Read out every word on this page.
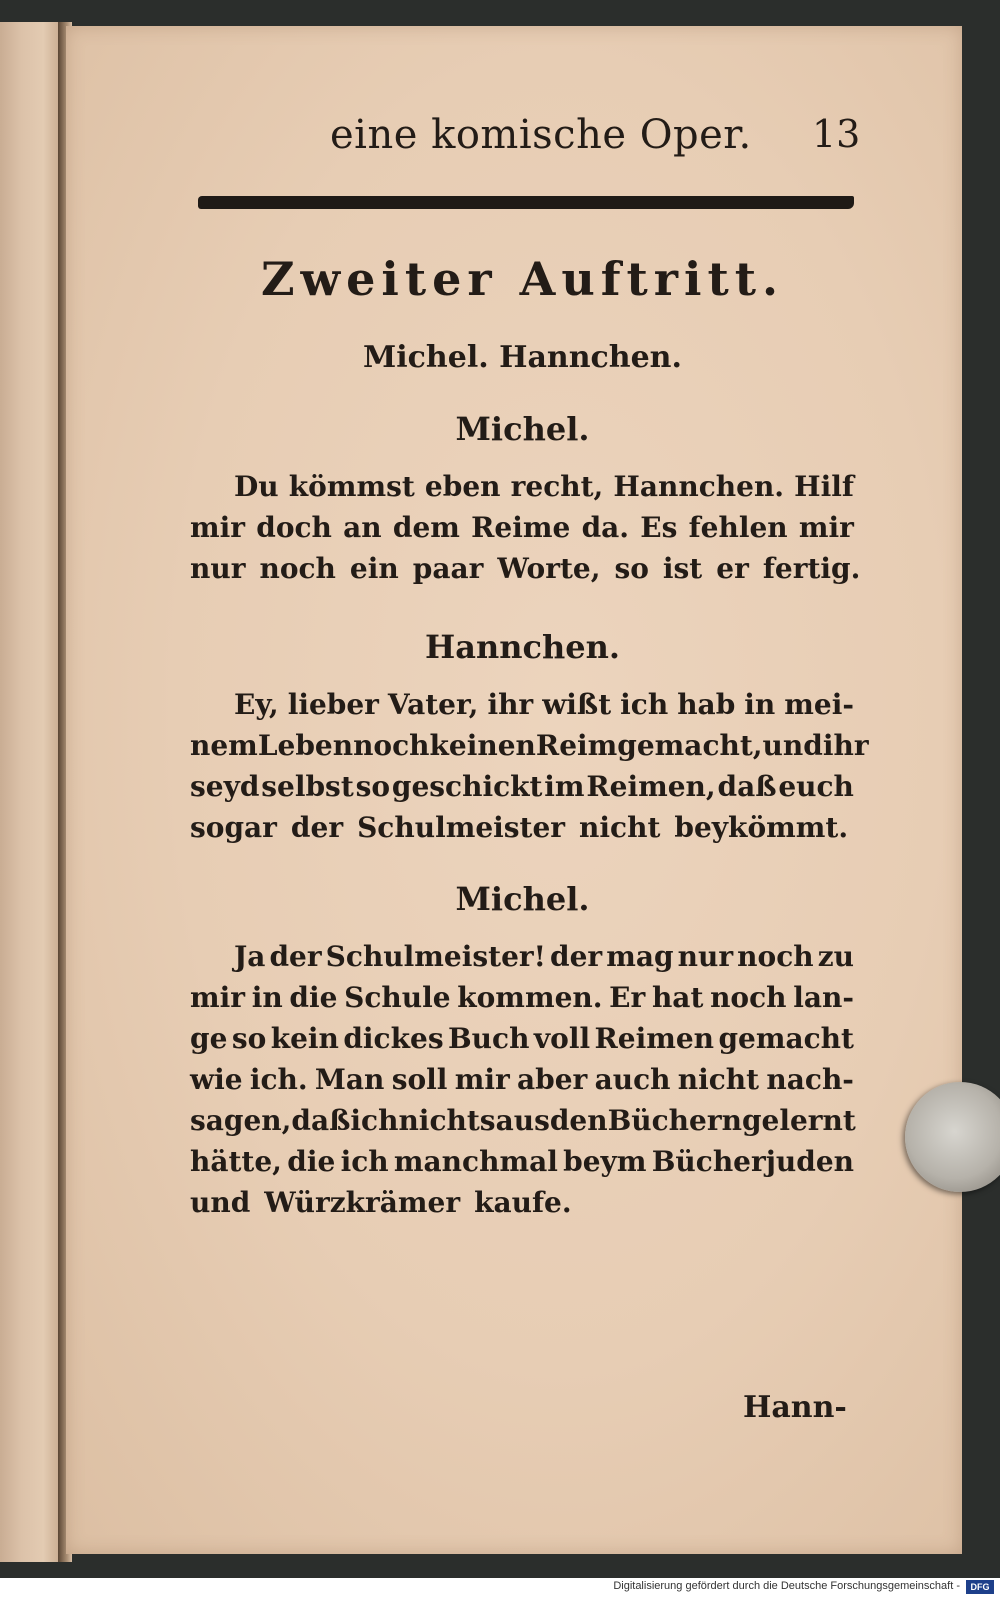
eine komische Oper. 13
Zweiter Auftritt.
Michel. Hannchen.
Michel.
Du kömmst eben recht, Hannchen. Hilf
mir doch an dem Reime da. Es fehlen mir
nur noch ein paar Worte, so ist er fertig.
Hannchen.
Ey, lieber Vater, ihr wißt ich hab in mei-
nem Leben noch keinen Reim gemacht, und ihr
seyd selbst so geschickt im Reimen, daß euch
sogar der Schulmeister nicht beykömmt.
Michel.
Ja der Schulmeister! der mag nur noch zu
mir in die Schule kommen. Er hat noch lan-
ge so kein dickes Buch voll Reimen gemacht
wie ich. Man soll mir aber auch nicht nach-
sagen, daß ich nichts aus den Büchern gelernt
hätte, die ich manchmal beym Bücherjuden
und Würzkrämer kaufe.
Hann-
Digitalisierung gefördert durch die Deutsche Forschungsgemeinschaft -	DFG
